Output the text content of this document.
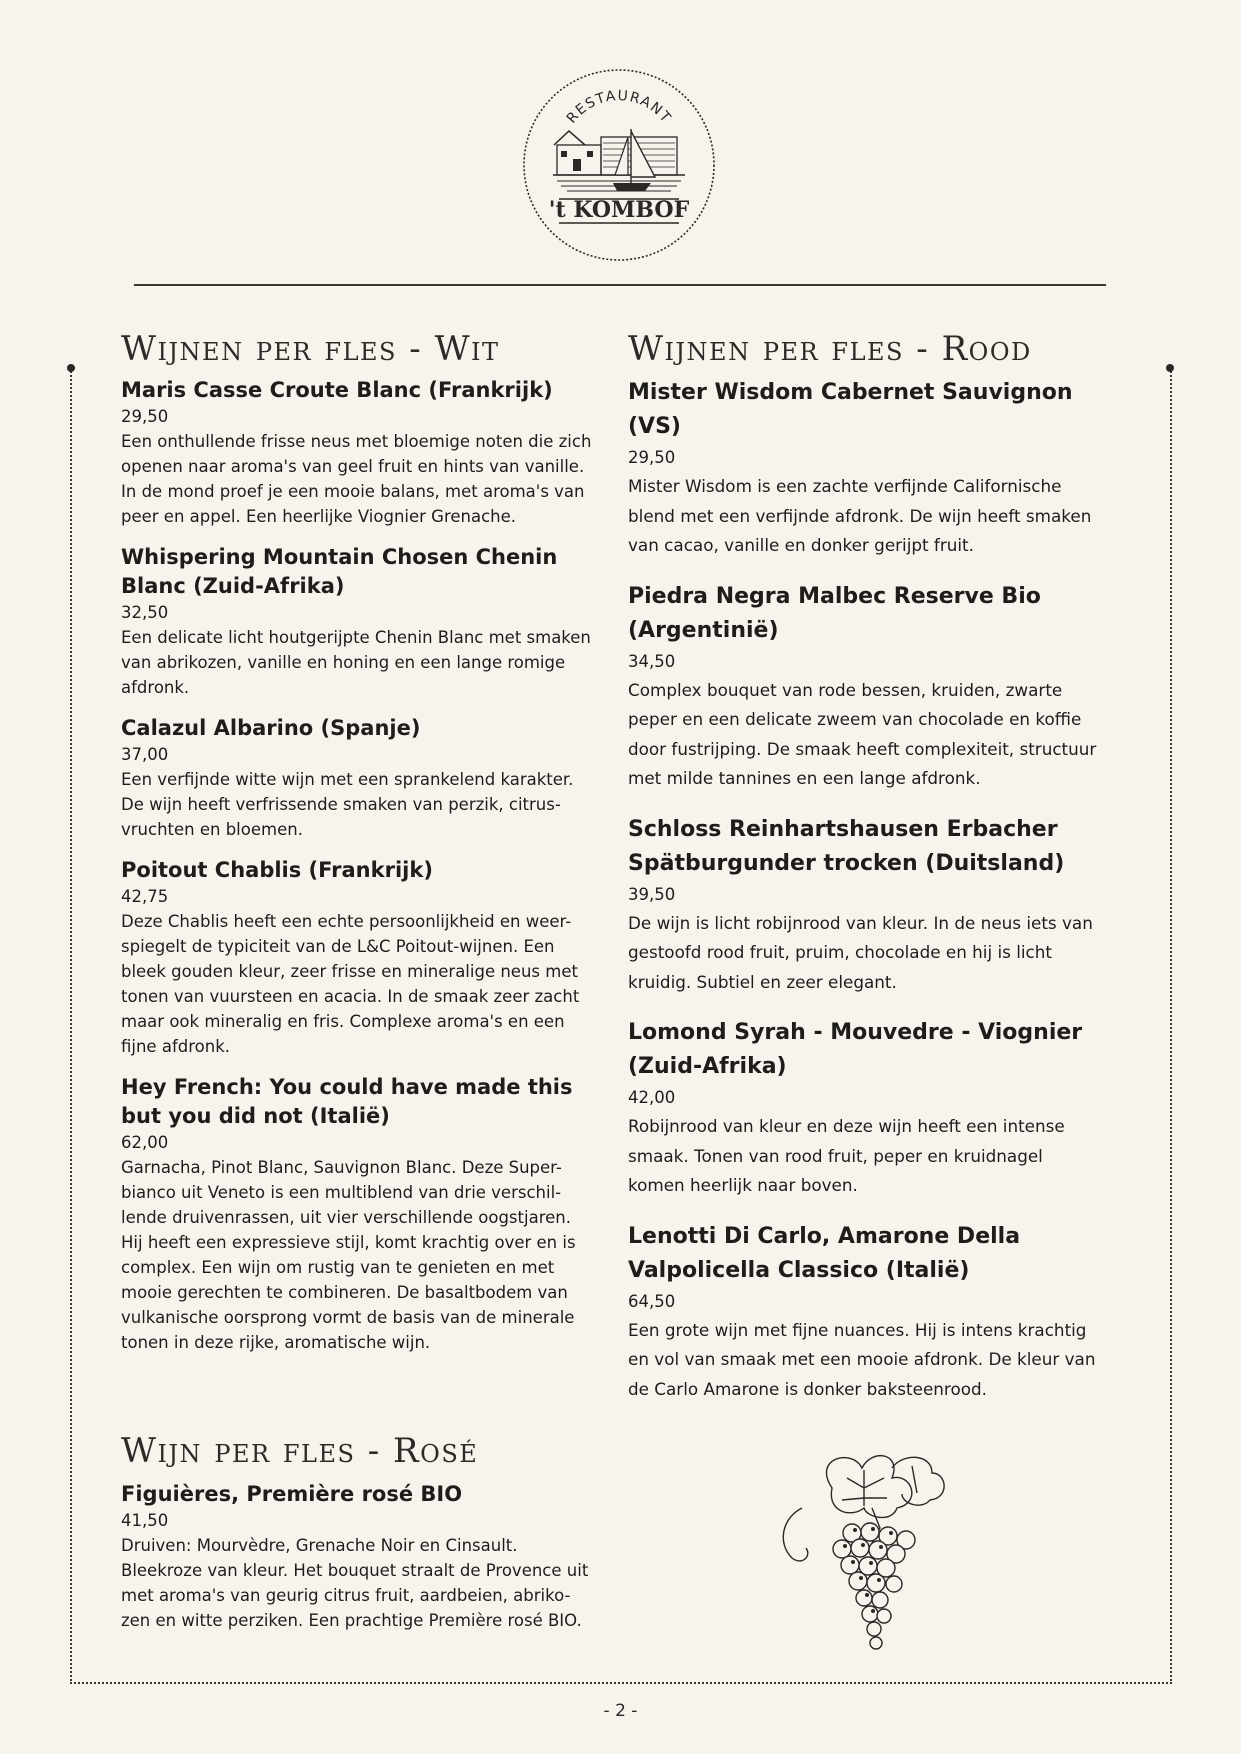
RESTAURANT
't KOMBOF
Wijnen per fles - Wit

Maris Casse Croute Blanc (Frankrijk)

29,50

Een onthullende frisse neus met bloemige noten die zich openen naar aroma's van geel fruit en hints van vanille. In de mond proef je een mooie balans, met aroma's van peer en appel. Een heerlijke Viognier Grenache.

Whispering Mountain Chosen Chenin Blanc (Zuid-Afrika)

32,50

Een delicate licht houtgerijpte Chenin Blanc met smaken van abrikozen, vanille en honing en een lange romige afdronk.

Calazul Albarino (Spanje)

37,00

Een verfijnde witte wijn met een sprankelend karakter. De wijn heeft verfrissende smaken van perzik, citrus-vruchten en bloemen.

Poitout Chablis (Frankrijk)

42,75

Deze Chablis heeft een echte persoonlijkheid en weer-spiegelt de typiciteit van de L&C Poitout-wijnen. Een bleek gouden kleur, zeer frisse en mineralige neus met tonen van vuursteen en acacia. In de smaak zeer zacht maar ook mineralig en fris. Complexe aroma's en een fijne afdronk.

Hey French: You could have made this but you did not (Italië)

62,00

Garnacha, Pinot Blanc, Sauvignon Blanc. Deze Super-bianco uit Veneto is een multiblend van drie verschil-lende druivenrassen, uit vier verschillende oogstjaren. Hij heeft een expressieve stijl, komt krachtig over en is complex. Een wijn om rustig van te genieten en met mooie gerechten te combineren. De basaltbodem van vulkanische oorsprong vormt de basis van de minerale tonen in deze rijke, aromatische wijn.

Wijnen per fles - Rood

Mister Wisdom Cabernet Sauvignon (VS)

29,50

Mister Wisdom is een zachte verfijnde Californische blend met een verfijnde afdronk. De wijn heeft smaken van cacao, vanille en donker gerijpt fruit.

Piedra Negra Malbec Reserve Bio (Argentinië)

34,50

Complex bouquet van rode bessen, kruiden, zwarte peper en een delicate zweem van chocolade en koffie door fustrijping. De smaak heeft complexiteit, structuur met milde tannines en een lange afdronk.

Schloss Reinhartshausen Erbacher Spätburgunder trocken (Duitsland)

39,50

De wijn is licht robijnrood van kleur. In de neus iets van gestoofd rood fruit, pruim, chocolade en hij is licht kruidig. Subtiel en zeer elegant.

Lomond Syrah - Mouvedre - Viognier (Zuid-Afrika)

42,00

Robijnrood van kleur en deze wijn heeft een intense smaak. Tonen van rood fruit, peper en kruidnagel komen heerlijk naar boven.

Lenotti Di Carlo, Amarone Della Valpolicella Classico (Italië)

64,50

Een grote wijn met fijne nuances. Hij is intens krachtig en vol van smaak met een mooie afdronk. De kleur van de Carlo Amarone is donker baksteenrood.

Wijn per fles - Rosé

Figuières, Première rosé BIO

41,50

Druiven: Mourvèdre, Grenache Noir en Cinsault. Bleekroze van kleur. Het bouquet straalt de Provence uit met aroma's van geurig citrus fruit, aardbeien, abriko-zen en witte perziken. Een prachtige Première rosé BIO.

- 2 -
